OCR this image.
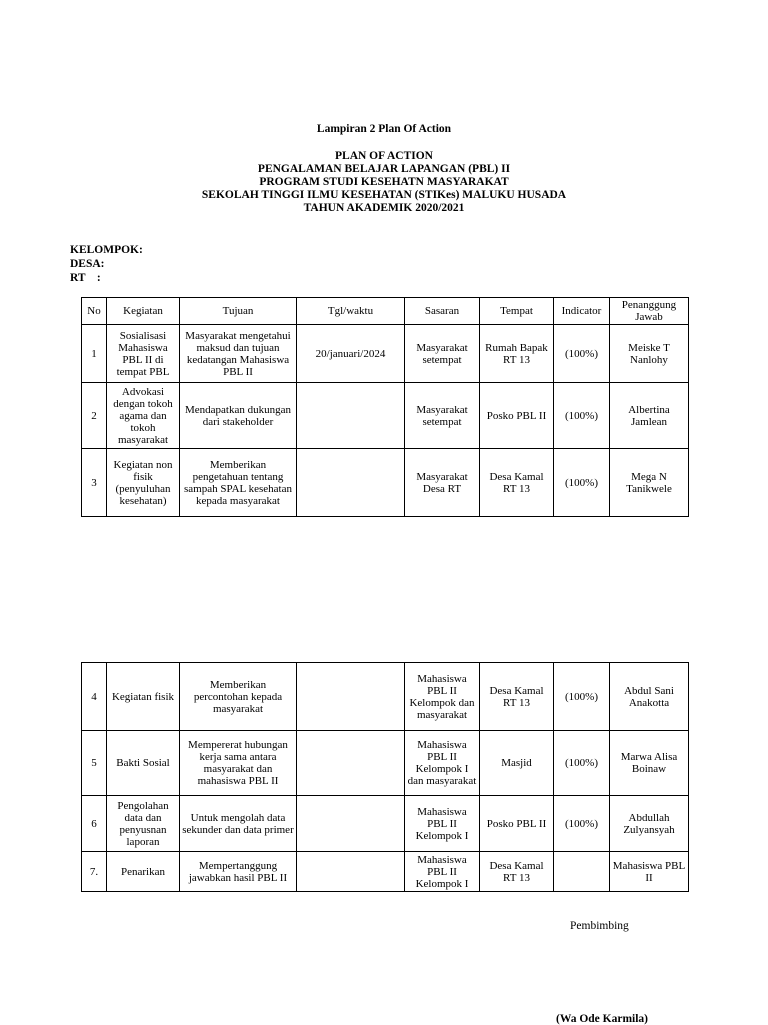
Lampiran 2 Plan Of Action
PLAN OF ACTION
PENGALAMAN BELAJAR LAPANGAN (PBL) II
PROGRAM STUDI KESEHATN MASYARAKAT
SEKOLAH TINGGI ILMU KESEHATAN (STIKes) MALUKU HUSADA
TAHUN AKADEMIK 2020/2021
KELOMPOK:
DESA:
RT    :
No	Kegiatan	Tujuan	Tgl/waktu	Sasaran	Tempat	Indicator	Penanggung Jawab
1	Sosialisasi Mahasiswa PBL II di tempat PBL	Masyarakat mengetahui maksud dan tujuan kedatangan Mahasiswa PBL II	20/januari/2024	Masyarakat setempat	Rumah Bapak RT 13	(100%)	Meiske T Nanlohy
2	Advokasi dengan tokoh agama dan tokoh masyarakat	Mendapatkan dukungan dari stakeholder		Masyarakat setempat	Posko PBL II	(100%)	Albertina Jamlean
3	Kegiatan non fisik (penyuluhan kesehatan)	Memberikan pengetahuan tentang sampah SPAL kesehatan kepada masyarakat		Masyarakat Desa RT	Desa Kamal RT 13	(100%)	Mega N Tanikwele
4	Kegiatan fisik	Memberikan percontohan kepada masyarakat		Mahasiswa PBL II Kelompok dan masyarakat	Desa Kamal RT 13	(100%)	Abdul Sani Anakotta
5	Bakti Sosial	Mempererat hubungan kerja sama antara masyarakat dan mahasiswa PBL II		Mahasiswa PBL II Kelompok I dan masyarakat	Masjid	(100%)	Marwa Alisa Boinaw
6	Pengolahan data dan penyusnan laporan	Untuk mengolah data sekunder dan data primer		Mahasiswa PBL II Kelompok I	Posko PBL II	(100%)	Abdullah Zulyansyah
7.	Penarikan	Mempertanggung jawabkan hasil PBL II		Mahasiswa PBL II Kelompok I	Desa Kamal RT 13		Mahasiswa PBL II
Pembimbing
(Wa Ode Karmila)
